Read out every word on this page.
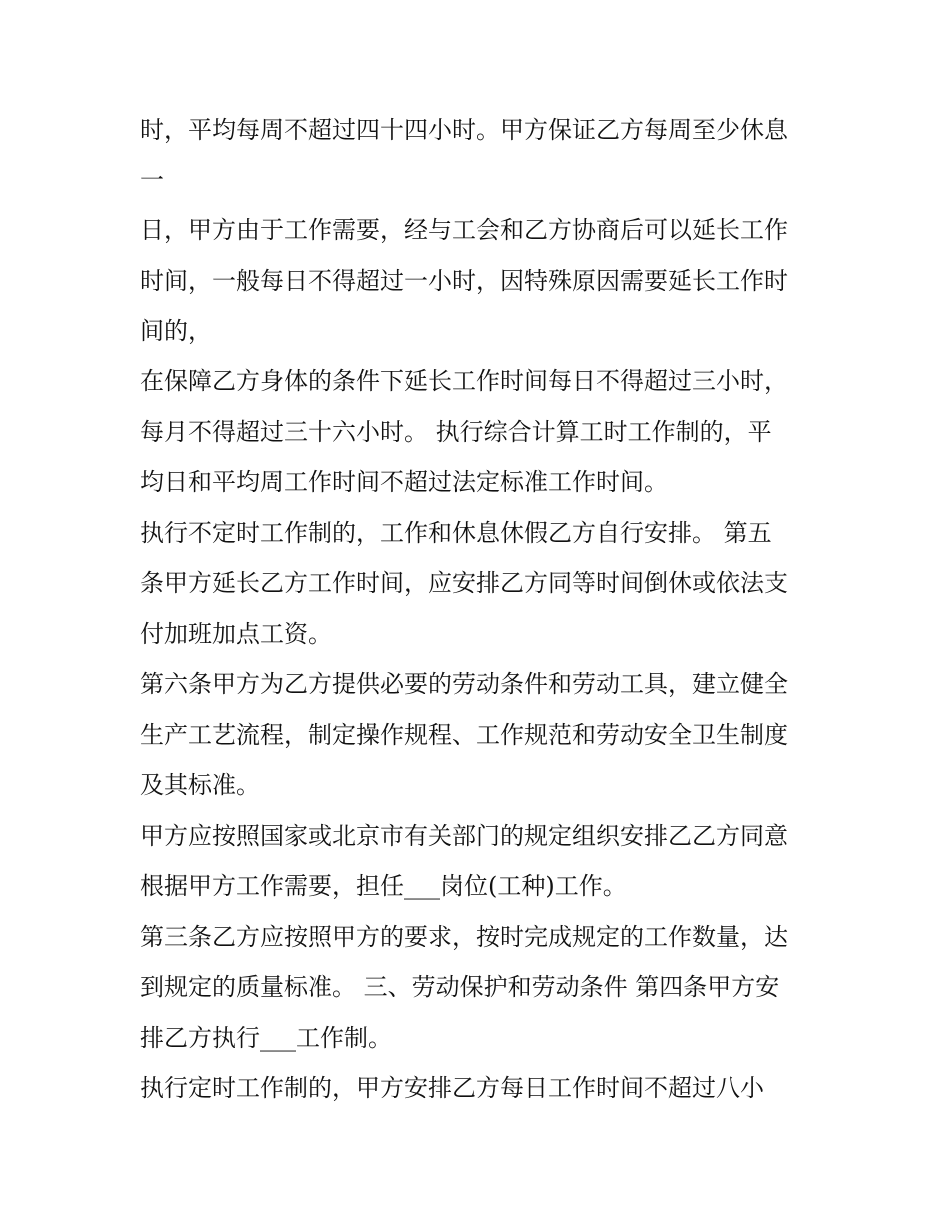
时，平均每周不超过四十四小时。甲方保证乙方每周至少休息

一

日，甲方由于工作需要，经与工会和乙方协商后可以延长工作

时间，一般每日不得超过一小时，因特殊原因需要延长工作时

间的，

在保障乙方身体的条件下延长工作时间每日不得超过三小时，

每月不得超过三十六小时。 执行综合计算工时工作制的，平

均日和平均周工作时间不超过法定标准工作时间。

执行不定时工作制的，工作和休息休假乙方自行安排。 第五

条甲方延长乙方工作时间，应安排乙方同等时间倒休或依法支

付加班加点工资。

第六条甲方为乙方提供必要的劳动条件和劳动工具，建立健全

生产工艺流程，制定操作规程、工作规范和劳动安全卫生制度

及其标准。

甲方应按照国家或北京市有关部门的规定组织安排乙乙方同意

根据甲方工作需要，担任___岗位(工种)工作。

第三条乙方应按照甲方的要求，按时完成规定的工作数量，达

到规定的质量标准。 三、劳动保护和劳动条件 第四条甲方安

排乙方执行___工作制。

执行定时工作制的，甲方安排乙方每日工作时间不超过八小
